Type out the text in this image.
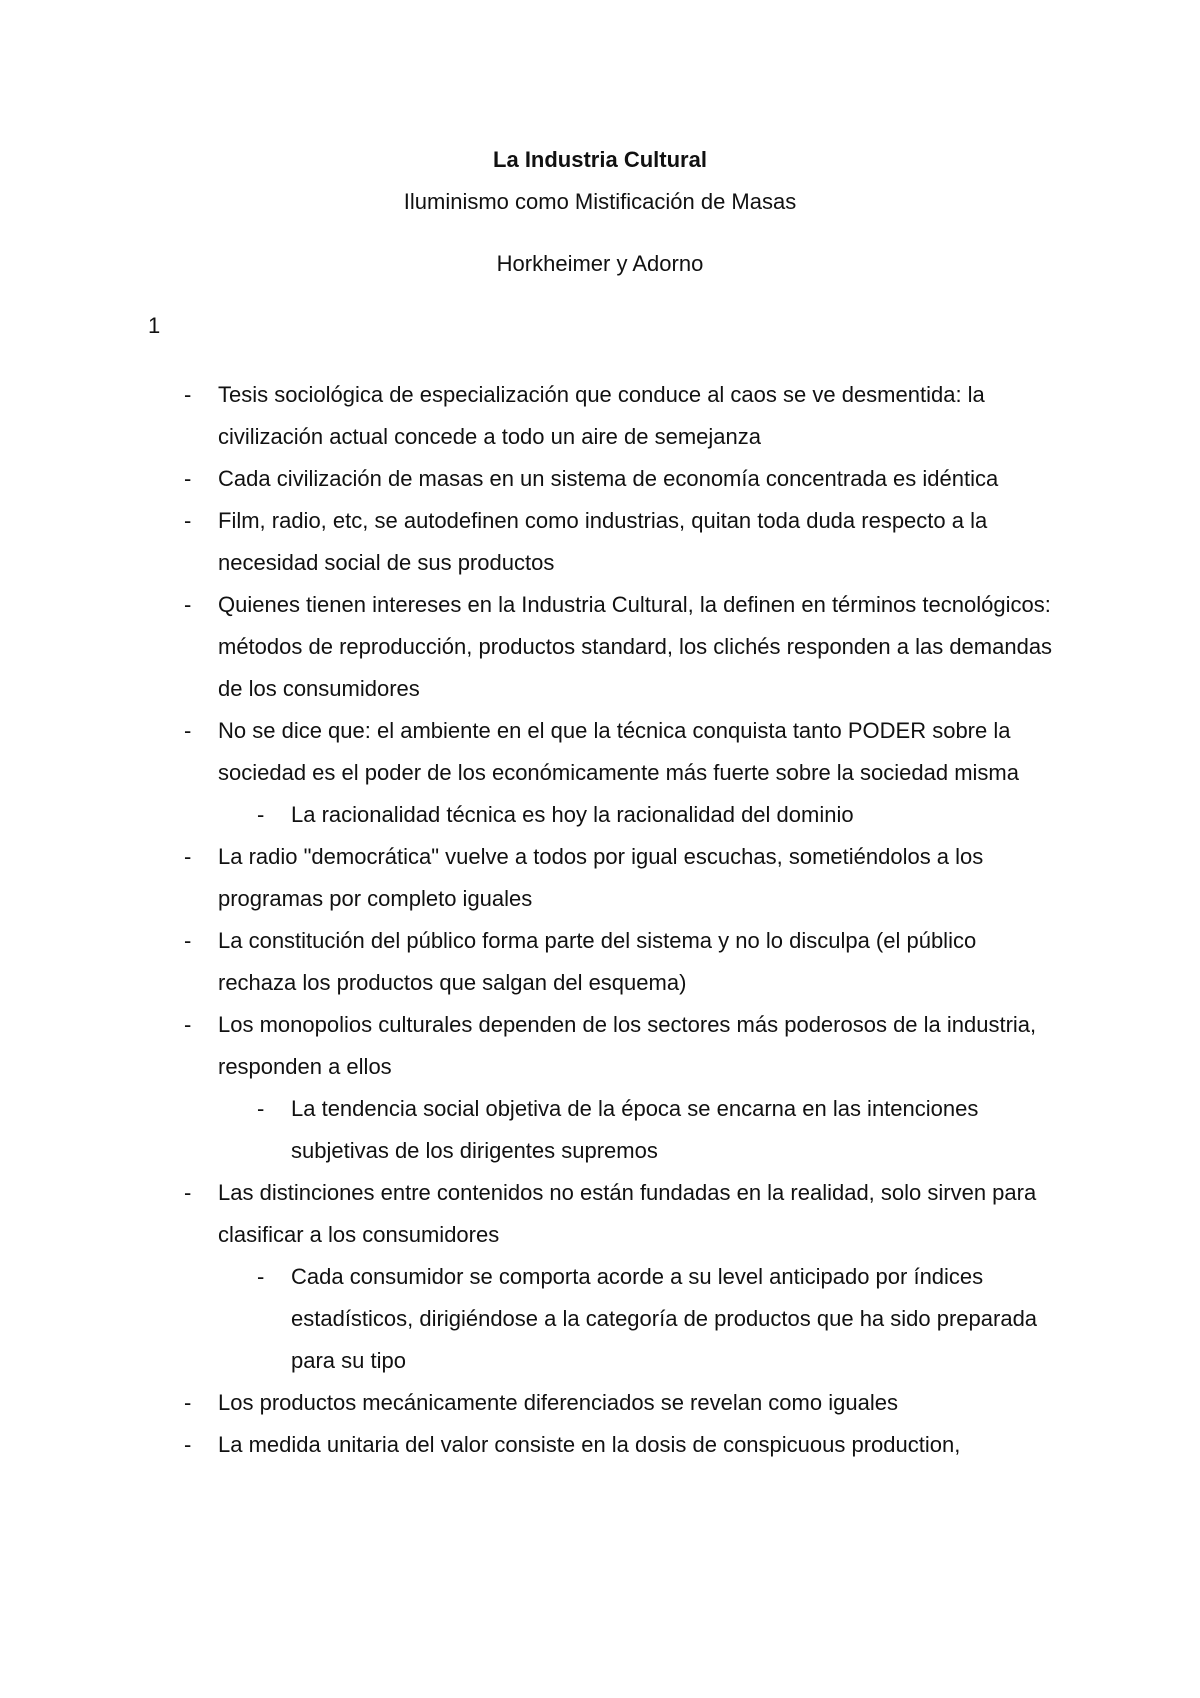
La Industria Cultural
Iluminismo como Mistificación de Masas
Horkheimer y Adorno
1
- Tesis sociológica de especialización que conduce al caos se ve desmentida: la civilización actual concede a todo un aire de semejanza
- Cada civilización de masas en un sistema de economía concentrada es idéntica
- Film, radio, etc, se autodefinen como industrias, quitan toda duda respecto a la necesidad social de sus productos
- Quienes tienen intereses en la Industria Cultural, la definen en términos tecnológicos: métodos de reproducción, productos standard, los clichés responden a las demandas de los consumidores
- No se dice que: el ambiente en el que la técnica conquista tanto PODER sobre la sociedad es el poder de los económicamente más fuerte sobre la sociedad misma
- La racionalidad técnica es hoy la racionalidad del dominio
- La radio "democrática" vuelve a todos por igual escuchas, sometiéndolos a los programas por completo iguales
- La constitución del público forma parte del sistema y no lo disculpa (el público rechaza los productos que salgan del esquema)
- Los monopolios culturales dependen de los sectores más poderosos de la industria, responden a ellos
- La tendencia social objetiva de la época se encarna en las intenciones subjetivas de los dirigentes supremos
- Las distinciones entre contenidos no están fundadas en la realidad, solo sirven para clasificar a los consumidores
- Cada consumidor se comporta acorde a su level anticipado por índices estadísticos, dirigiéndose a la categoría de productos que ha sido preparada para su tipo
- Los productos mecánicamente diferenciados se revelan como iguales
- La medida unitaria del valor consiste en la dosis de conspicuous production,
